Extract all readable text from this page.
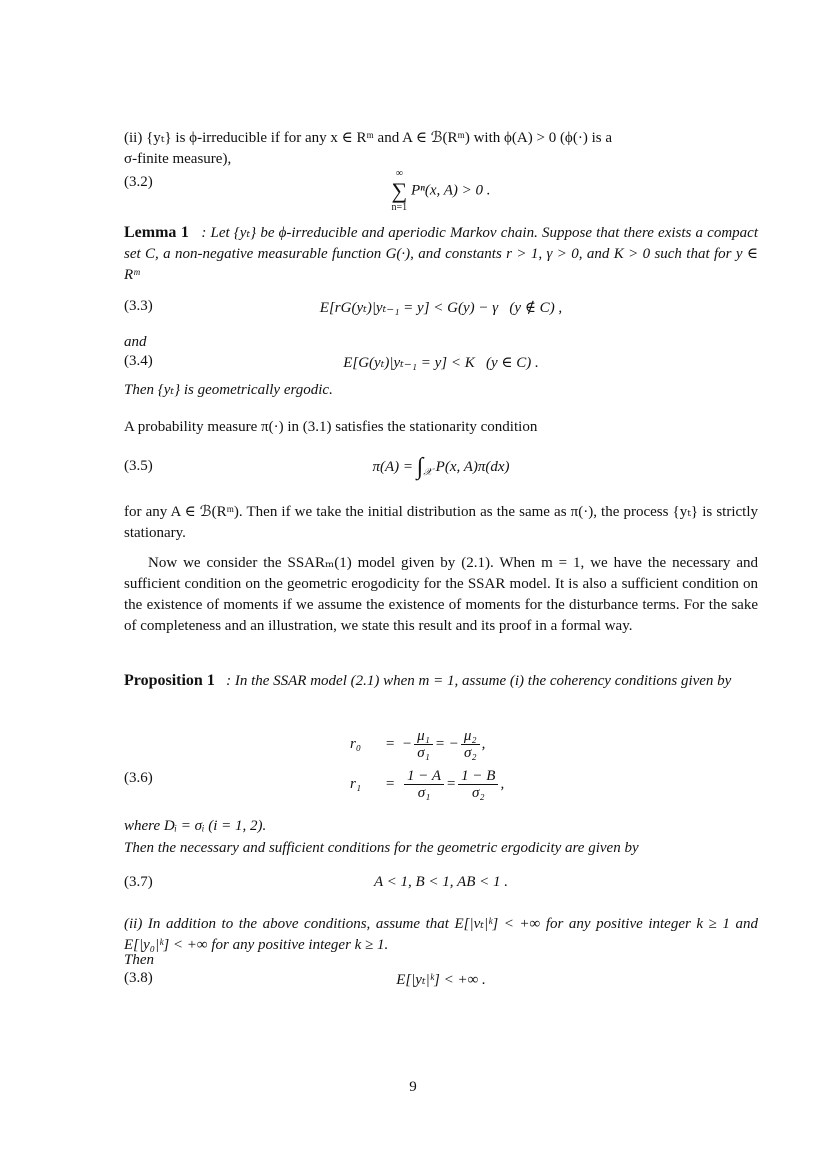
(ii) {yₜ} is ϕ-irreducible if for any x ∈ Rᵐ and A ∈ ℬ(Rᵐ) with ϕ(A) > 0 (ϕ(·) is a
σ-finite measure),
(3.2)
∞
∑
n=1
Pⁿ(x, A) > 0 .
Lemma 1 : Let {yₜ} be ϕ-irreducible and aperiodic Markov chain. Suppose that there exists a compact set C, a non-negative measurable function G(·), and constants r > 1, γ > 0, and K > 0 such that for y ∈ Rᵐ
(3.3)	E[rG(yₜ)|yₜ₋₁ = y] < G(y) − γ   (y ∉ C) ,
and
(3.4)	E[G(yₜ)|yₜ₋₁ = y] < K   (y ∈ C) .
Then {yₜ} is geometrically ergodic.
A probability measure π(·) in (3.1) satisfies the stationarity condition
(3.5)	$\pi(A) = \int_𝒳$ P(x, A)π(dx)
for any A ∈ ℬ(Rᵐ). Then if we take the initial distribution as the same as π(·), the process {yₜ} is strictly stationary.
Now we consider the SSARₘ(1) model given by (2.1). When m = 1, we have the necessary and sufficient condition on the geometric erogodicity for the SSAR model. It is also a sufficient condition on the existence of moments if we assume the existence of moments for the disturbance terms. For the sake of completeness and an illustration, we state this result and its proof in a formal way.
Proposition 1 : In the SSAR model (2.1) when m = 1, assume (i) the coherency conditions given by
(3.6)
r₀	= − $\frac{\text{μ₁}}{\text{σ₁}}$ =
− $\frac{\text{μ₂}}{\text{σ₂}}$ ,
r₁	= $\frac{1 - A}{\text{σ₁}} = \frac{1 - B}{\text{σ₂}}$ ,
where Dᵢ = σᵢ (i = 1, 2).
Then the necessary and sufficient conditions for the geometric ergodicity are given by
(3.7)	A < 1, B < 1, AB < 1 .
(ii) In addition to the above conditions, assume that E[|vₜ|ᵏ] < +∞ for any positive integer k ≥ 1 and E[|y₀|ᵏ] < +∞ for any positive integer k ≥ 1.
Then
(3.8)	E[|yₜ|ᵏ] < +∞ .
9
